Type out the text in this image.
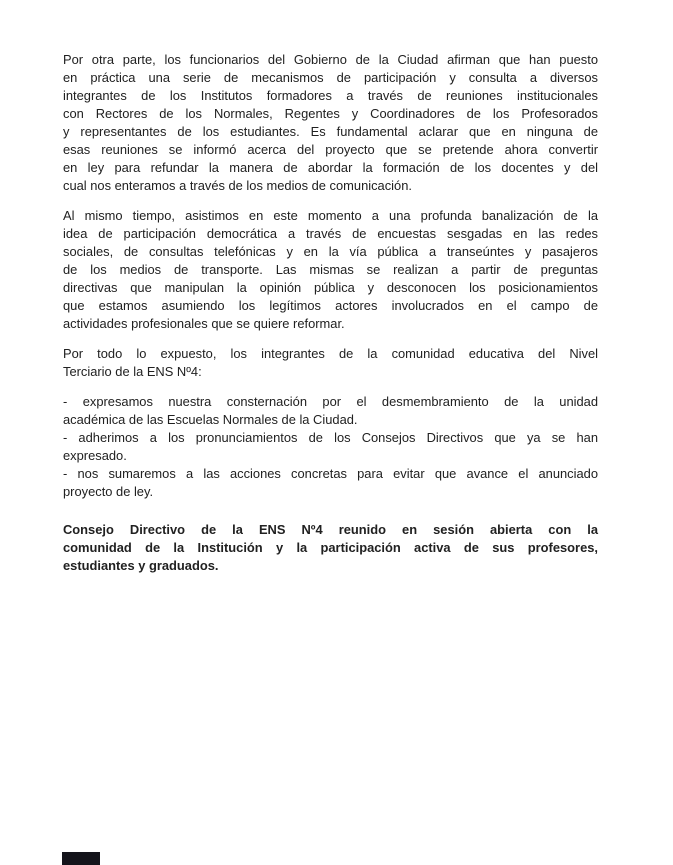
Por otra parte, los funcionarios del Gobierno de la Ciudad afirman que han puesto
en práctica una serie de mecanismos de participación y consulta a diversos
integrantes de los Institutos formadores a través de reuniones institucionales
con Rectores de los Normales, Regentes y Coordinadores de los Profesorados
y representantes de los estudiantes. Es fundamental aclarar que en ninguna de
esas reuniones se informó acerca del proyecto que se pretende ahora convertir
en ley para refundar la manera de abordar la formación de los docentes y del
cual nos enteramos a través de los medios de comunicación.
Al mismo tiempo, asistimos en este momento a una profunda banalización de la
idea de participación democrática a través de encuestas sesgadas en las redes
sociales, de consultas telefónicas y en la vía pública a transeúntes y pasajeros
de los medios de transporte. Las mismas se realizan a partir de preguntas
directivas que manipulan la opinión pública y desconocen los posicionamientos
que estamos asumiendo los legítimos actores involucrados en el campo de
actividades profesionales que se quiere reformar.
Por todo lo expuesto, los integrantes de la comunidad educativa del Nivel
Terciario de la ENS Nº4:
- expresamos nuestra consternación por el desmembramiento de la unidad
académica de las Escuelas Normales de la Ciudad.
- adherimos a los pronunciamientos de los Consejos Directivos que ya se han
expresado.
- nos sumaremos a las acciones concretas para evitar que avance el anunciado
proyecto de ley.
Consejo Directivo de la ENS Nº4 reunido en sesión abierta con la
comunidad de la Institución y la participación activa de sus profesores,
estudiantes y graduados.
